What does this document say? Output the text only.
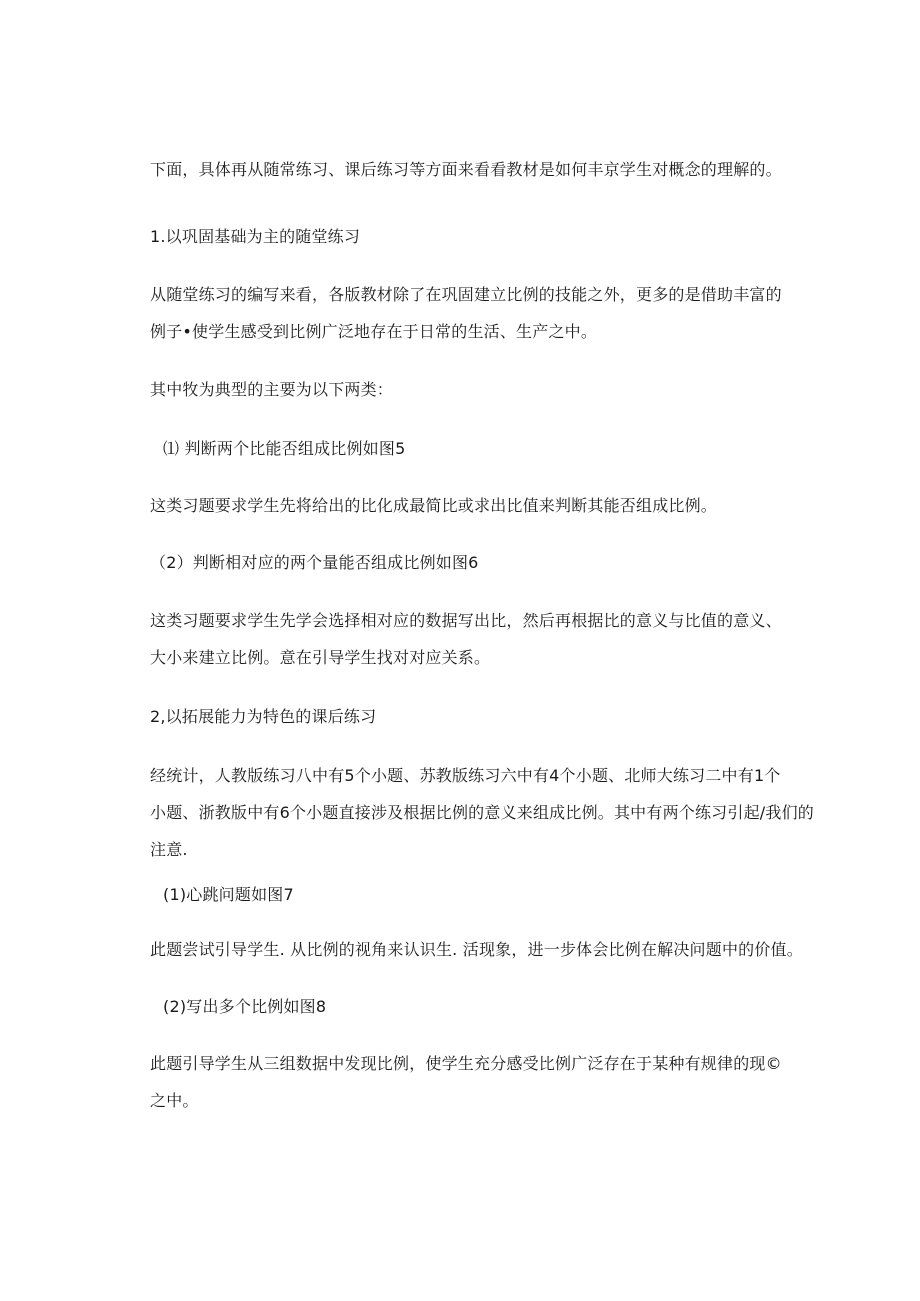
下面，具体再从随常练习、课后练习等方面来看看教材是如何丰京学生对概念的理解的。
1.以巩固基础为主的随堂练习
从随堂练习的编写来看，各版教材除了在巩固建立比例的技能之外，更多的是借助丰富的
例子•使学生感受到比例广泛地存在于日常的生活、生产之中。
其中牧为典型的主要为以下两类：
⑴ 判断两个比能否组成比例如图5
这类习题要求学生先将给出的比化成最简比或求出比值来判断其能否组成比例。
（2）判断相对应的两个量能否组成比例如图6
这类习题要求学生先学会选择相对应的数据写出比，然后再根据比的意义与比值的意义、
大小来建立比例。意在引导学生找对对应关系。
2,以拓展能力为特色的课后练习
经统计，人教版练习八中有5个小题、苏教版练习六中有4个小题、北师大练习二中有1个
小题、浙教版中有6个小题直接涉及根据比例的意义来组成比例。其中有两个练习引起/我们的
注意.
(1)心跳问题如图7
此题尝试引导学生. 从比例的视角来认识生. 活现象，进一步体会比例在解决问题中的价值。
(2)写出多个比例如图8
此题引导学生从三组数据中发现比例，使学生充分感受比例广泛存在于某种有规律的现©
之中。
